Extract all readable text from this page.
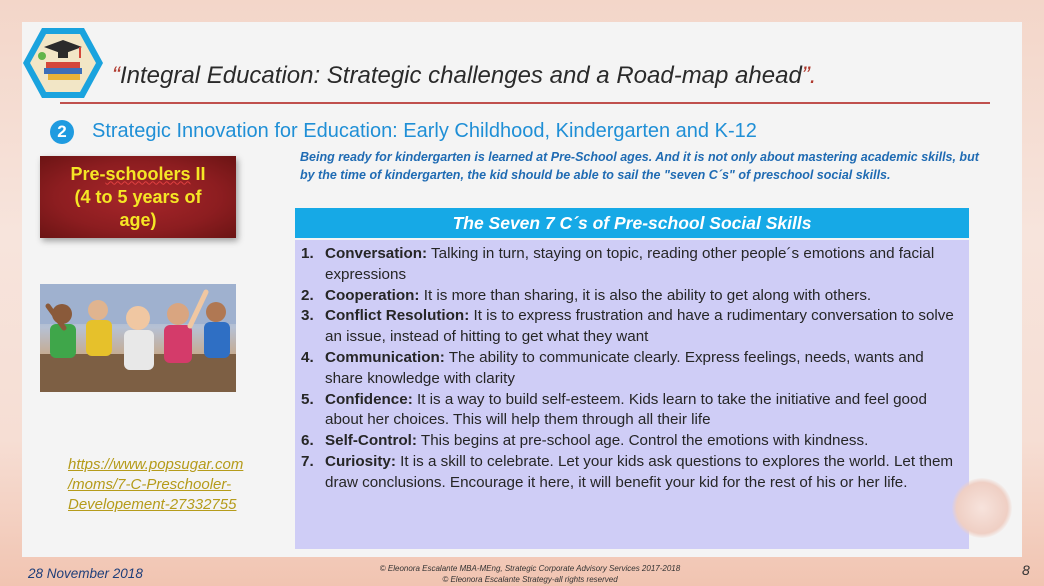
“Integral Education: Strategic challenges and a Road-map ahead”.
2	Strategic Innovation for Education: Early Childhood, Kindergarten and K-12
Pre-schoolers II
(4 to 5 years of
age)
Being ready for kindergarten is learned at Pre-School ages. And it is not only about mastering academic skills, but by the time of kindergarten, the kid should be able to sail the "seven C´s" of preschool social skills.
https://www.popsugar.com
/moms/7-C-Preschooler-
Developement-27332755
The Seven 7 C´s of Pre-school Social Skills
1. Conversation: Talking in turn, staying on topic, reading other people´s emotions and facial expressions
2. Cooperation: It is more than sharing, it is also the ability to get along with others.
3. Conflict Resolution: It is to express frustration and have a rudimentary conversation to solve an issue, instead of hitting to get what they want
4. Communication: The ability to communicate clearly. Express feelings, needs, wants and share knowledge with clarity
5. Confidence: It is a way to build self-esteem. Kids learn to take the initiative and feel good about her choices. This will help them through all their life
6. Self-Control: This begins at pre-school age. Control the emotions with kindness.
7. Curiosity: It is a skill to celebrate. Let your kids ask questions to explores the world. Let them draw conclusions. Encourage it here, it will benefit your kid for the rest of his or her life.
28 November 2018	© Eleonora Escalante MBA-MEng, Strategic Corporate Advisory Services 2017-2018
© Eleonora Escalante Strategy-all rights reserved
8
